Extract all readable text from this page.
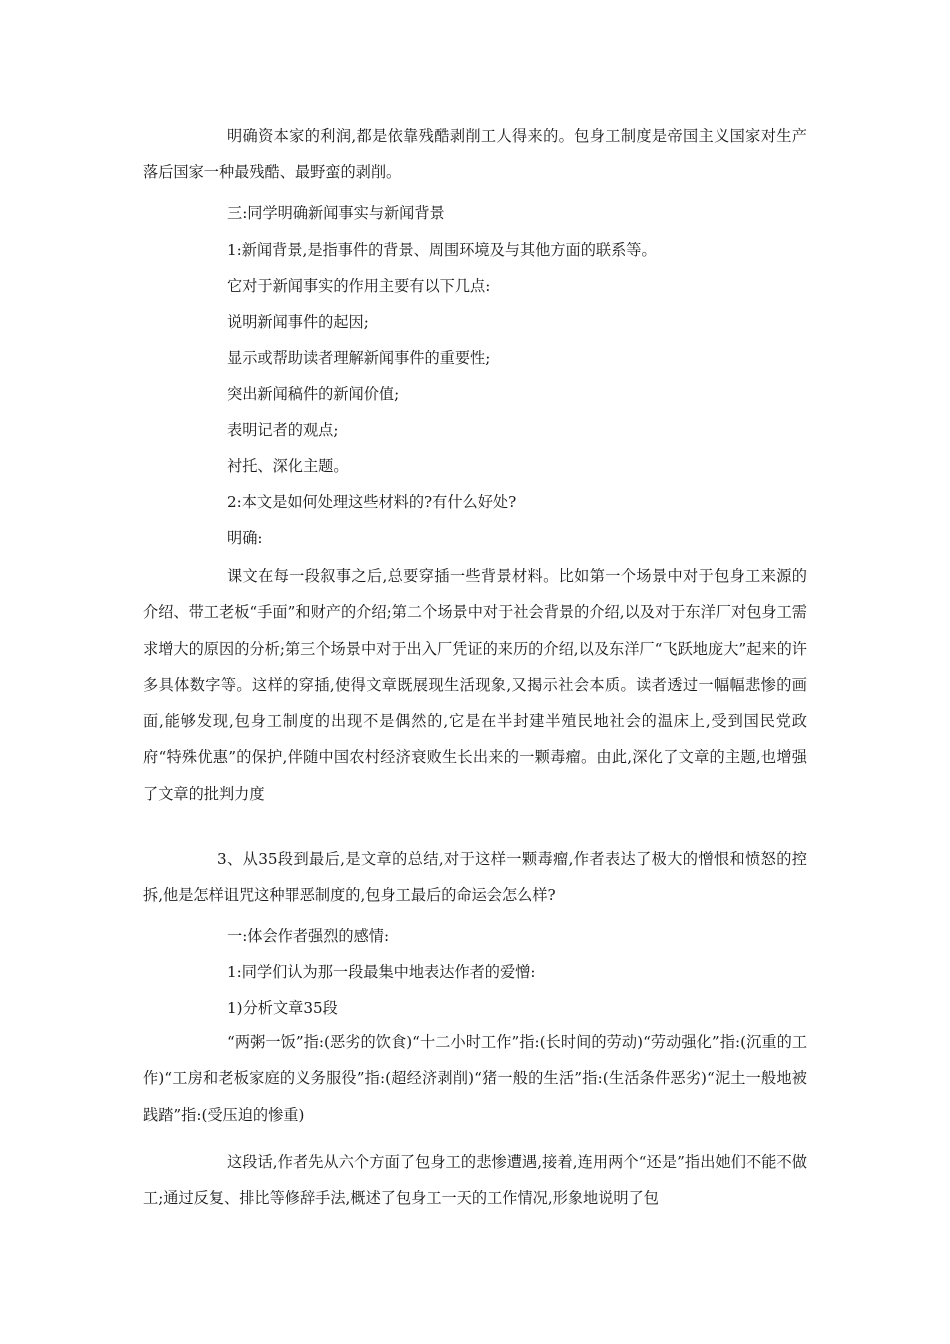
明确资本家的利润,都是依靠残酷剥削工人得来的。包身工制度是帝国主义国家对生产落后国家一种最残酷、最野蛮的剥削。
三:同学明确新闻事实与新闻背景
1:新闻背景,是指事件的背景、周围环境及与其他方面的联系等。
它对于新闻事实的作用主要有以下几点:
说明新闻事件的起因;
显示或帮助读者理解新闻事件的重要性;
突出新闻稿件的新闻价值;
表明记者的观点;
衬托、深化主题。
2:本文是如何处理这些材料的?有什么好处?
明确:
课文在每一段叙事之后,总要穿插一些背景材料。比如第一个场景中对于包身工来源的介绍、带工老板“手面”和财产的介绍;第二个场景中对于社会背景的介绍,以及对于东洋厂对包身工需求增大的原因的分析;第三个场景中对于出入厂凭证的来历的介绍,以及东洋厂“飞跃地庞大”起来的许多具体数字等。这样的穿插,使得文章既展现生活现象,又揭示社会本质。读者透过一幅幅悲惨的画面,能够发现,包身工制度的出现不是偶然的,它是在半封建半殖民地社会的温床上,受到国民党政府“特殊优惠”的保护,伴随中国农村经济衰败生长出来的一颗毒瘤。由此,深化了文章的主题,也增强了文章的批判力度
3、从35段到最后,是文章的总结,对于这样一颗毒瘤,作者表达了极大的憎恨和愤怒的控拆,他是怎样诅咒这种罪恶制度的,包身工最后的命运会怎么样?
一:体会作者强烈的感情:
1:同学们认为那一段最集中地表达作者的爱憎:
1)分析文章35段
“两粥一饭”指:(恶劣的饮食)“十二小时工作”指:(长时间的劳动)“劳动强化”指:(沉重的工作)“工房和老板家庭的义务服役”指:(超经济剥削)“猪一般的生活”指:(生活条件恶劣)“泥土一般地被践踏”指:(受压迫的惨重)
这段话,作者先从六个方面了包身工的悲惨遭遇,接着,连用两个“还是”指出她们不能不做工;通过反复、排比等修辞手法,概述了包身工一天的工作情况,形象地说明了包
